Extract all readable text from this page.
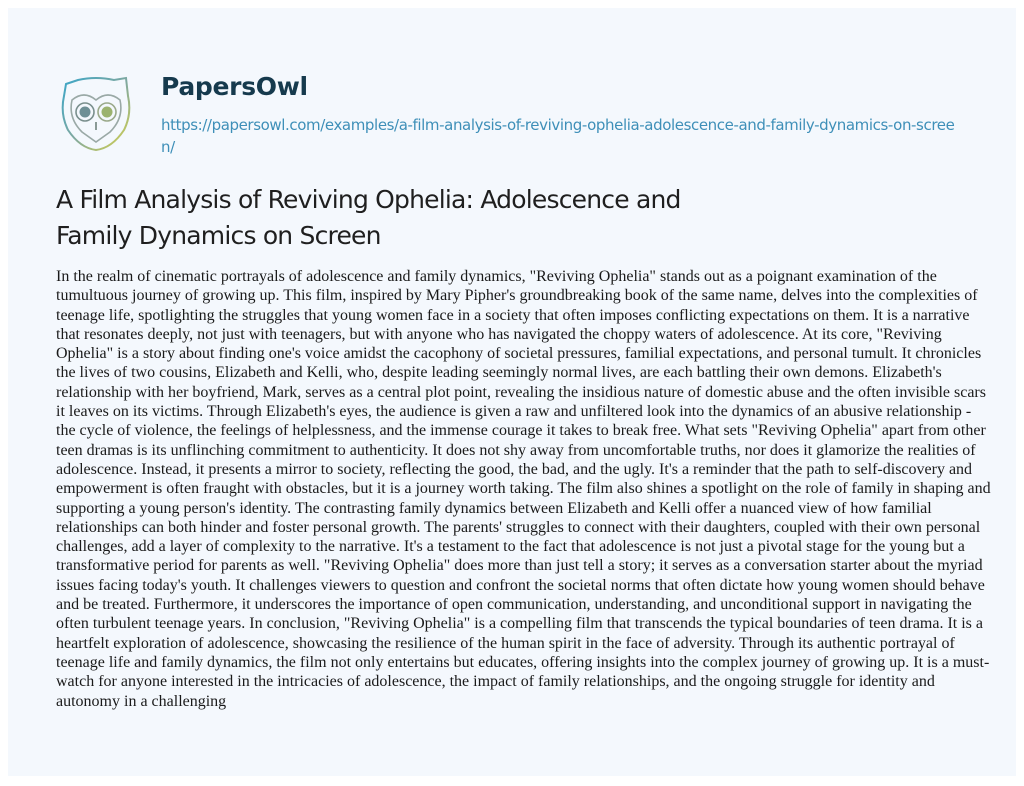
PapersOwl
https://papersowl.com/examples/a-film-analysis-of-reviving-ophelia-adolescence-and-family-dynamics-on-screen/
A Film Analysis of Reviving Ophelia: Adolescence and Family Dynamics on Screen

In the realm of cinematic portrayals of adolescence and family dynamics, "Reviving Ophelia" stands out as a poignant examination of the tumultuous journey of growing up. This film, inspired by Mary Pipher's groundbreaking book of the same name, delves into the complexities of teenage life, spotlighting the struggles that young women face in a society that often imposes conflicting expectations on them. It is a narrative that resonates deeply, not just with teenagers, but with anyone who has navigated the choppy waters of adolescence. At its core, "Reviving Ophelia" is a story about finding one's voice amidst the cacophony of societal pressures, familial expectations, and personal tumult. It chronicles the lives of two cousins, Elizabeth and Kelli, who, despite leading seemingly normal lives, are each battling their own demons. Elizabeth's relationship with her boyfriend, Mark, serves as a central plot point, revealing the insidious nature of domestic abuse and the often invisible scars it leaves on its victims. Through Elizabeth's eyes, the audience is given a raw and unfiltered look into the dynamics of an abusive relationship - the cycle of violence, the feelings of helplessness, and the immense courage it takes to break free. What sets "Reviving Ophelia" apart from other teen dramas is its unflinching commitment to authenticity. It does not shy away from uncomfortable truths, nor does it glamorize the realities of adolescence. Instead, it presents a mirror to society, reflecting the good, the bad, and the ugly. It's a reminder that the path to self-discovery and empowerment is often fraught with obstacles, but it is a journey worth taking. The film also shines a spotlight on the role of family in shaping and supporting a young person's identity. The contrasting family dynamics between Elizabeth and Kelli offer a nuanced view of how familial relationships can both hinder and foster personal growth. The parents' struggles to connect with their daughters, coupled with their own personal challenges, add a layer of complexity to the narrative. It's a testament to the fact that adolescence is not just a pivotal stage for the young but a transformative period for parents as well. "Reviving Ophelia" does more than just tell a story; it serves as a conversation starter about the myriad issues facing today's youth. It challenges viewers to question and confront the societal norms that often dictate how young women should behave and be treated. Furthermore, it underscores the importance of open communication, understanding, and unconditional support in navigating the often turbulent teenage years. In conclusion, "Reviving Ophelia" is a compelling film that transcends the typical boundaries of teen drama. It is a heartfelt exploration of adolescence, showcasing the resilience of the human spirit in the face of adversity. Through its authentic portrayal of teenage life and family dynamics, the film not only entertains but educates, offering insights into the complex journey of growing up. It is a must-watch for anyone interested in the intricacies of adolescence, the impact of family relationships, and the ongoing struggle for identity and autonomy in a challenging
